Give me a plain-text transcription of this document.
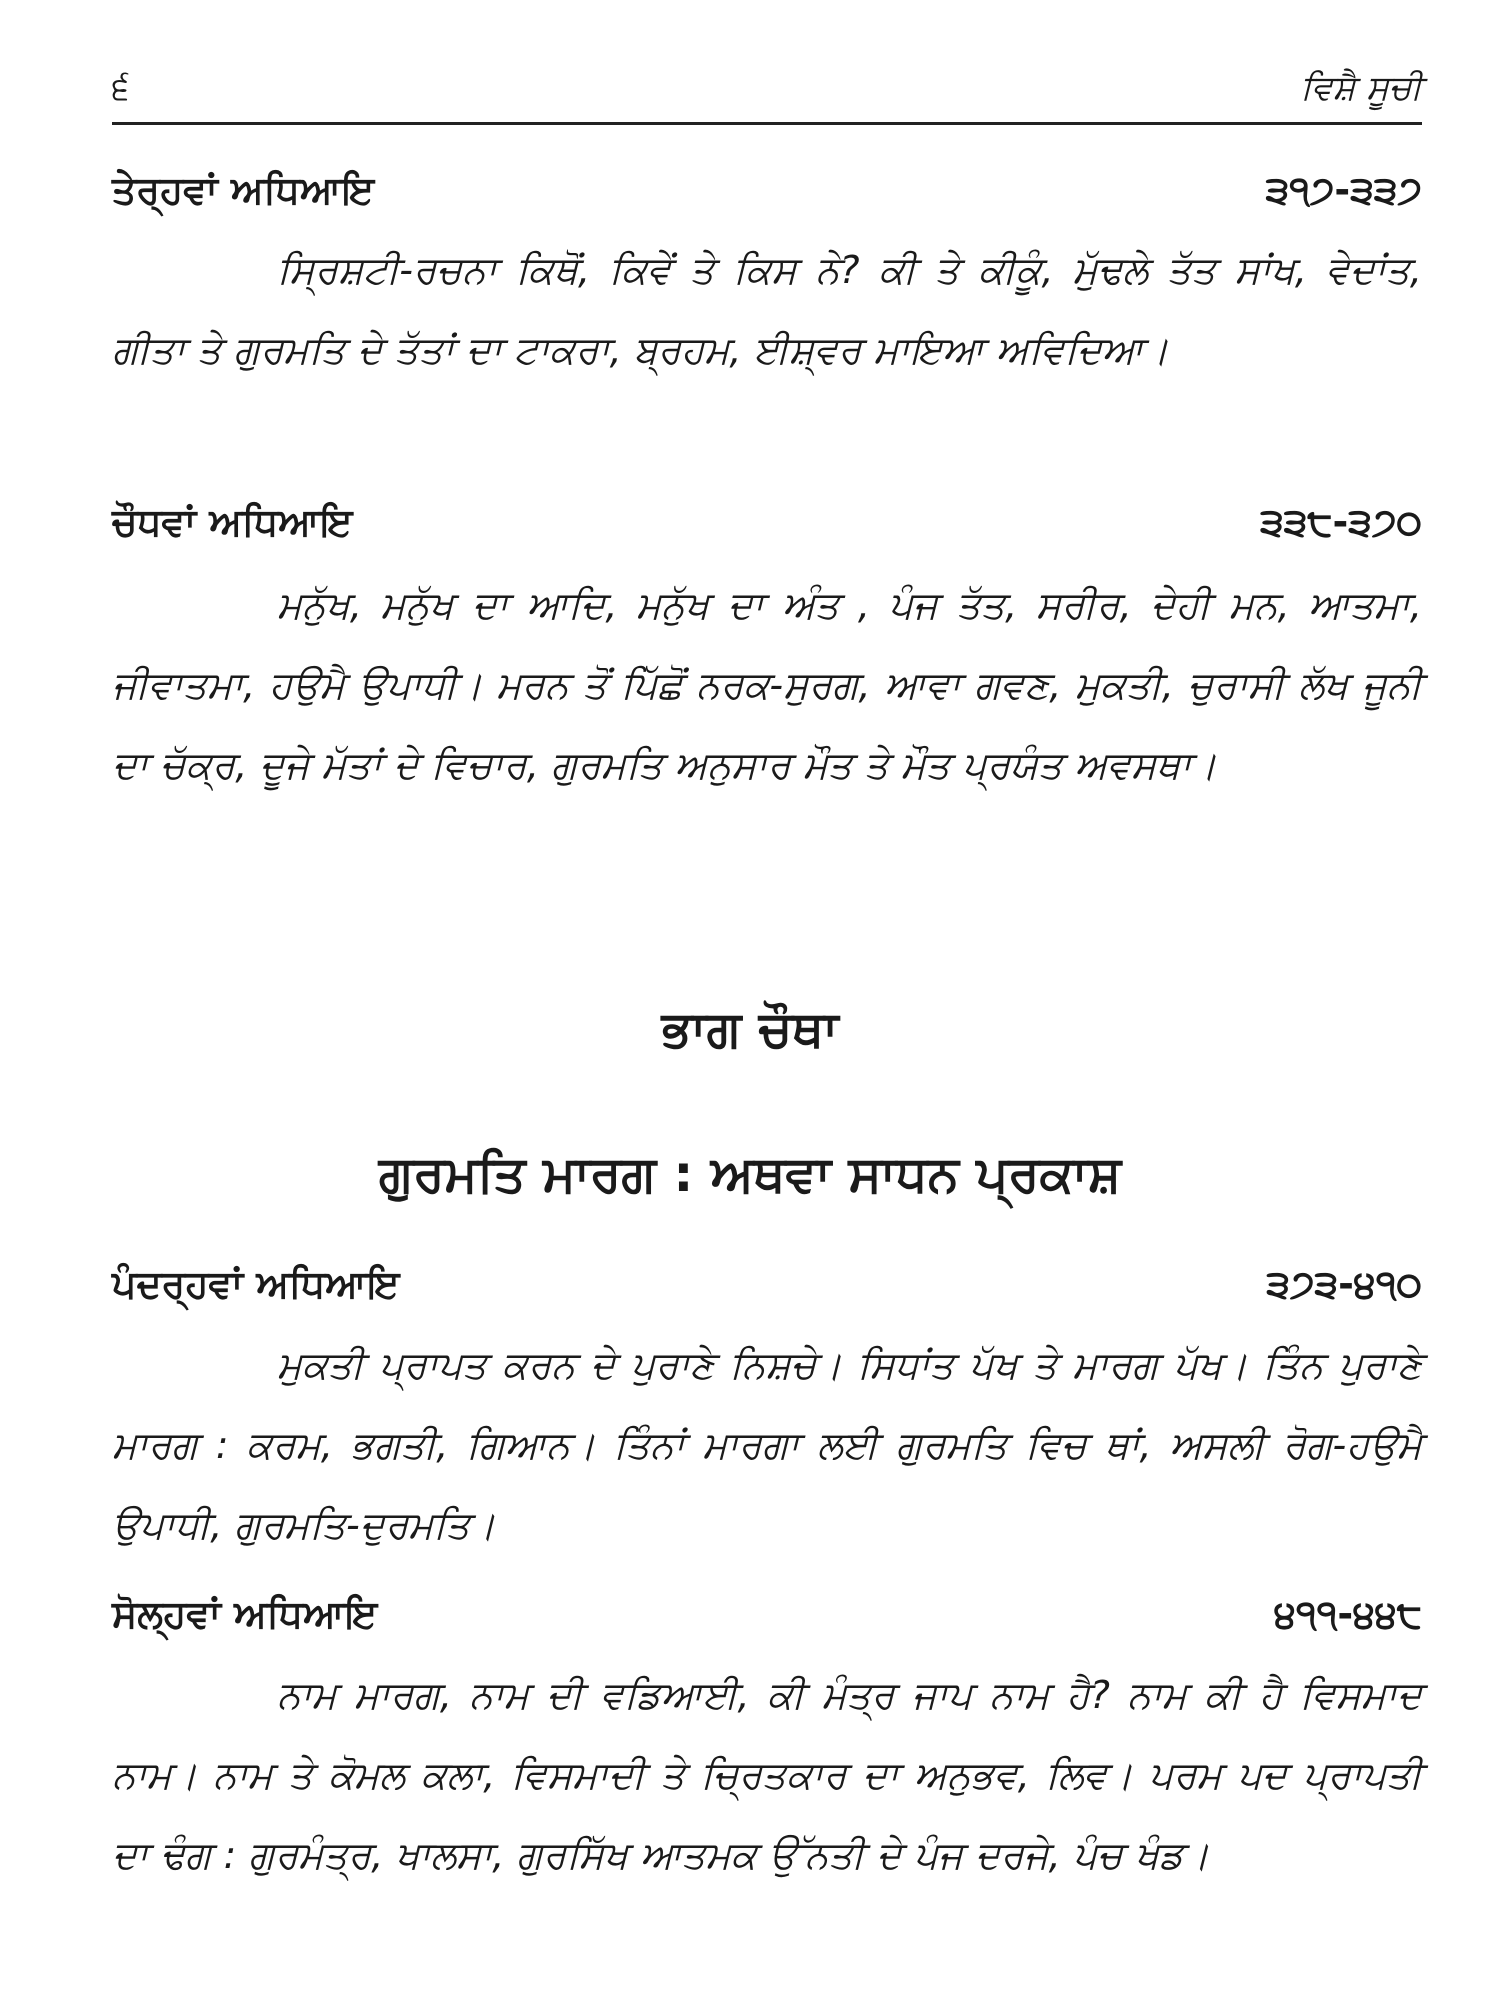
੬	ਵਿਸ਼ੈ ਸੂਚੀ
ਤੇਰ੍ਹਵਾਂ ਅਧਿਆਇ	੩੧੭-੩੩੭

ਸ੍ਰਿਸ਼ਟੀ-ਰਚਨਾ ਕਿਥੋਂ, ਕਿਵੇਂ ਤੇ ਕਿਸ ਨੇ? ਕੀ ਤੇ ਕੀਕੂੰ, ਮੁੱਢਲੇ ਤੱਤ ਸਾਂਖ, ਵੇਦਾਂਤ, ਗੀਤਾ ਤੇ ਗੁਰਮਤਿ ਦੇ ਤੱਤਾਂ ਦਾ ਟਾਕਰਾ, ਬ੍ਰਹਮ, ਈਸ਼੍ਵਰ ਮਾਇਆ ਅਵਿਦਿਆ।

ਚੌਧਵਾਂ ਅਧਿਆਇ	੩੩੮-੩੭੦

ਮਨੁੱਖ, ਮਨੁੱਖ ਦਾ ਆਦਿ, ਮਨੁੱਖ ਦਾ ਅੰਤ , ਪੰਜ ਤੱਤ, ਸਰੀਰ, ਦੇਹੀ ਮਨ, ਆਤਮਾ, ਜੀਵਾਤਮਾ, ਹਉਮੈ ਉਪਾਧੀ। ਮਰਨ ਤੋਂ ਪਿੱਛੋਂ ਨਰਕ-ਸੁਰਗ, ਆਵਾ ਗਵਣ, ਮੁਕਤੀ, ਚੁਰਾਸੀ ਲੱਖ ਜੂਨੀ ਦਾ ਚੱਕ੍ਰ, ਦੂਜੇ ਮੱਤਾਂ ਦੇ ਵਿਚਾਰ, ਗੁਰਮਤਿ ਅਨੁਸਾਰ ਮੌਤ ਤੇ ਮੌਤ ਪ੍ਰਯੰਤ ਅਵਸਥਾ।

ਭਾਗ ਚੌਥਾ
ਗੁਰਮਤਿ ਮਾਰਗ : ਅਥਵਾ ਸਾਧਨ ਪ੍ਰਕਾਸ਼
ਪੰਦਰ੍ਹਵਾਂ ਅਧਿਆਇ	੩੭੩-੪੧੦

ਮੁਕਤੀ ਪ੍ਰਾਪਤ ਕਰਨ ਦੇ ਪੁਰਾਣੇ ਨਿਸ਼ਚੇ। ਸਿਧਾਂਤ ਪੱਖ ਤੇ ਮਾਰਗ ਪੱਖ। ਤਿੰਨ ਪੁਰਾਣੇ ਮਾਰਗ : ਕਰਮ, ਭਗਤੀ, ਗਿਆਨ। ਤਿੰਨਾਂ ਮਾਰਗਾ ਲਈ ਗੁਰਮਤਿ ਵਿਚ ਥਾਂ, ਅਸਲੀ ਰੋਗ-ਹਉਮੈ ਉਪਾਧੀ, ਗੁਰਮਤਿ-ਦੁਰਮਤਿ।

ਸੋਲ੍ਹਵਾਂ ਅਧਿਆਇ	੪੧੧-੪੪੮

ਨਾਮ ਮਾਰਗ, ਨਾਮ ਦੀ ਵਡਿਆਈ, ਕੀ ਮੰਤ੍ਰ ਜਾਪ ਨਾਮ ਹੈ? ਨਾਮ ਕੀ ਹੈ ਵਿਸਮਾਦ ਨਾਮ। ਨਾਮ ਤੇ ਕੋਮਲ ਕਲਾ, ਵਿਸਮਾਦੀ ਤੇ ਚ੍ਰਿਤਕਾਰ ਦਾ ਅਨੁਭਵ, ਲਿਵ। ਪਰਮ ਪਦ ਪ੍ਰਾਪਤੀ ਦਾ ਢੰਗ : ਗੁਰਮੰਤ੍ਰ, ਖਾਲਸਾ, ਗੁਰਸਿੱਖ ਆਤਮਕ ਉੱਨਤੀ ਦੇ ਪੰਜ ਦਰਜੇ, ਪੰਚ ਖੰਡ।
